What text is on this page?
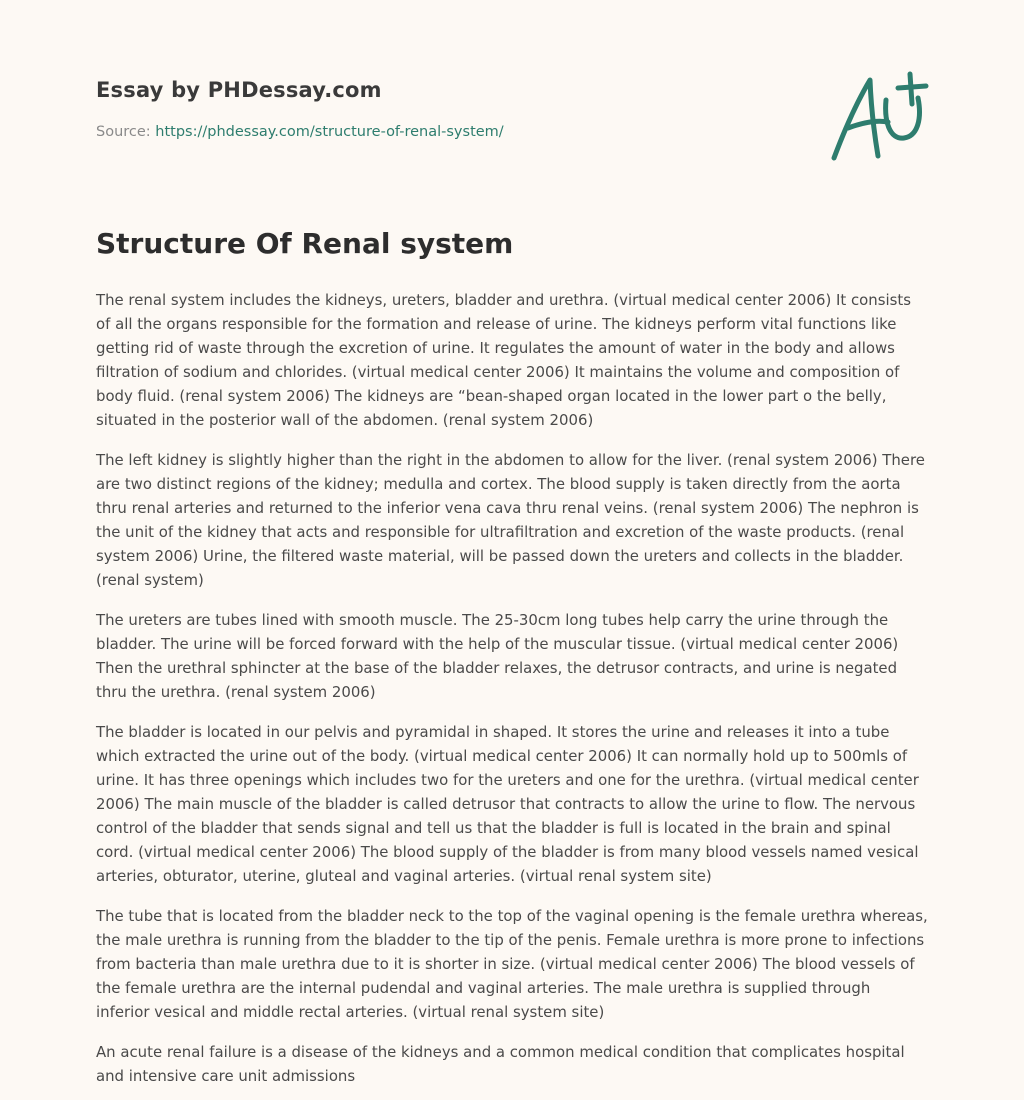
Essay by PHDessay.com

Source: https://phdessay.com/structure-of-renal-system/

Structure Of Renal system

The renal system includes the kidneys, ureters, bladder and urethra. (virtual medical center 2006) It consists of all the organs responsible for the formation and release of urine. The kidneys perform vital functions like getting rid of waste through the excretion of urine. It regulates the amount of water in the body and allows filtration of sodium and chlorides. (virtual medical center 2006) It maintains the volume and composition of body fluid. (renal system 2006) The kidneys are “bean-shaped organ located in the lower part o the belly, situated in the posterior wall of the abdomen. (renal system 2006)

The left kidney is slightly higher than the right in the abdomen to allow for the liver. (renal system 2006) There are two distinct regions of the kidney; medulla and cortex. The blood supply is taken directly from the aorta thru renal arteries and returned to the inferior vena cava thru renal veins. (renal system 2006) The nephron is the unit of the kidney that acts and responsible for ultrafiltration and excretion of the waste products. (renal system 2006) Urine, the filtered waste material, will be passed down the ureters and collects in the bladder. (renal system)

The ureters are tubes lined with smooth muscle. The 25-30cm long tubes help carry the urine through the bladder. The urine will be forced forward with the help of the muscular tissue. (virtual medical center 2006) Then the urethral sphincter at the base of the bladder relaxes, the detrusor contracts, and urine is negated thru the urethra. (renal system 2006)

The bladder is located in our pelvis and pyramidal in shaped. It stores the urine and releases it into a tube which extracted the urine out of the body. (virtual medical center 2006) It can normally hold up to 500mls of urine. It has three openings which includes two for the ureters and one for the urethra. (virtual medical center 2006) The main muscle of the bladder is called detrusor that contracts to allow the urine to flow. The nervous control of the bladder that sends signal and tell us that the bladder is full is located in the brain and spinal cord. (virtual medical center 2006) The blood supply of the bladder is from many blood vessels named vesical arteries, obturator, uterine, gluteal and vaginal arteries. (virtual renal system site)

The tube that is located from the bladder neck to the top of the vaginal opening is the female urethra whereas, the male urethra is running from the bladder to the tip of the penis. Female urethra is more prone to infections from bacteria than male urethra due to it is shorter in size. (virtual medical center 2006) The blood vessels of the female urethra are the internal pudendal and vaginal arteries. The male urethra is supplied through inferior vesical and middle rectal arteries. (virtual renal system site)

An acute renal failure is a disease of the kidneys and a common medical condition that complicates hospital and intensive care unit admissions
